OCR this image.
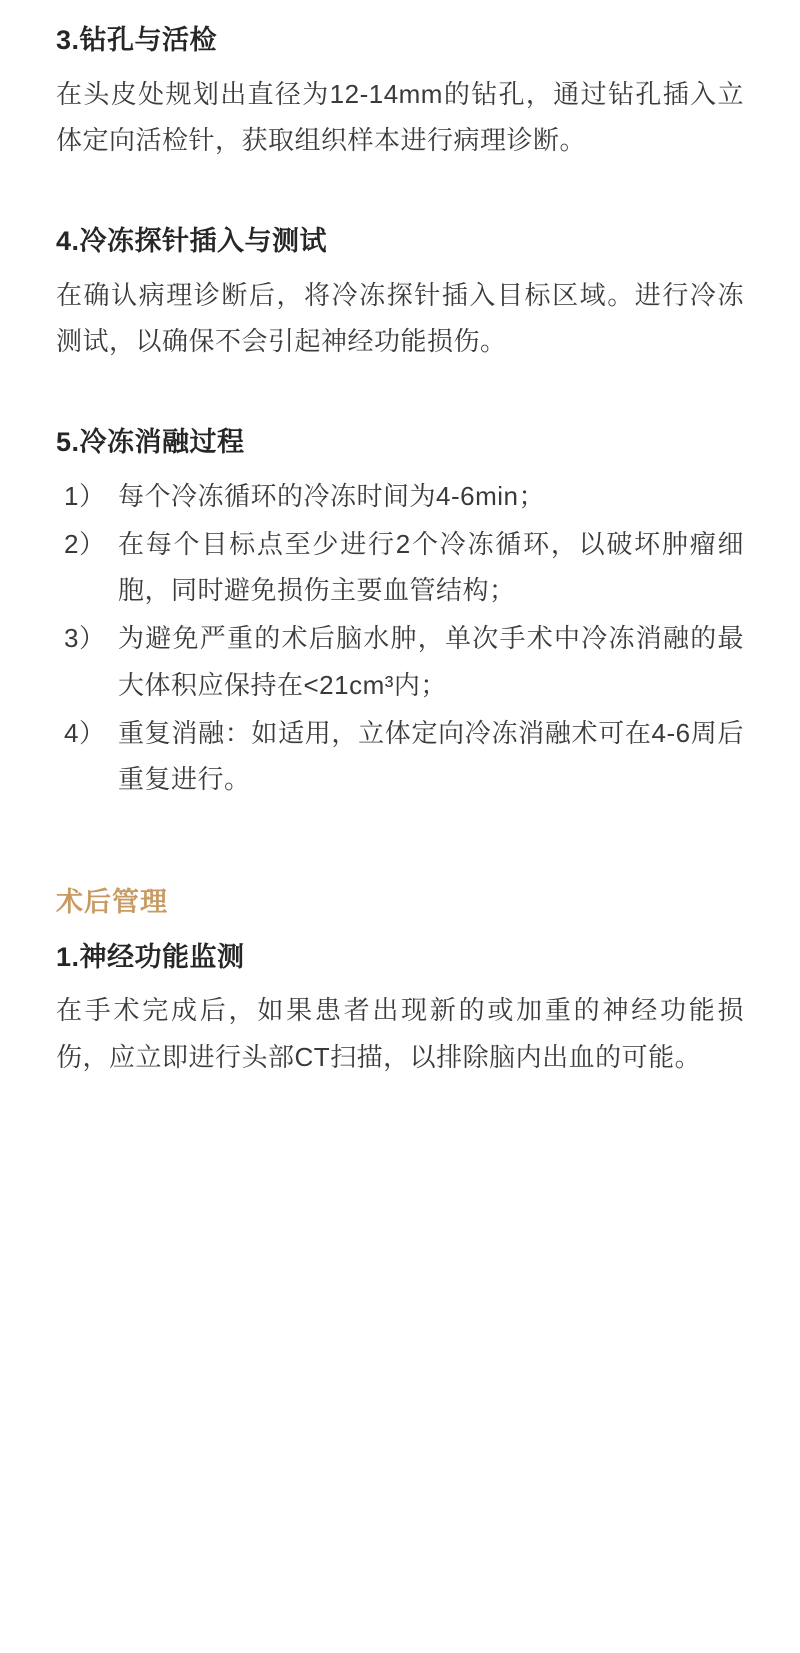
3.钻孔与活检

在头皮处规划出直径为12-14mm的钻孔，通过钻孔插入立体定向活检针，获取组织样本进行病理诊断。

4.冷冻探针插入与测试

在确认病理诊断后，将冷冻探针插入目标区域。进行冷冻测试，以确保不会引起神经功能损伤。

5.冷冻消融过程
1） 每个冷冻循环的冷冻时间为4-6min；
2） 在每个目标点至少进行2个冷冻循环，以破坏肿瘤细胞，同时避免损伤主要血管结构；
3） 为避免严重的术后脑水肿，单次手术中冷冻消融的最大体积应保持在<21cm³内；
4） 重复消融：如适用，立体定向冷冻消融术可在4-6周后重复进行。
术后管理
1.神经功能监测

在手术完成后，如果患者出现新的或加重的神经功能损伤，应立即进行头部CT扫描，以排除脑内出血的可能。
